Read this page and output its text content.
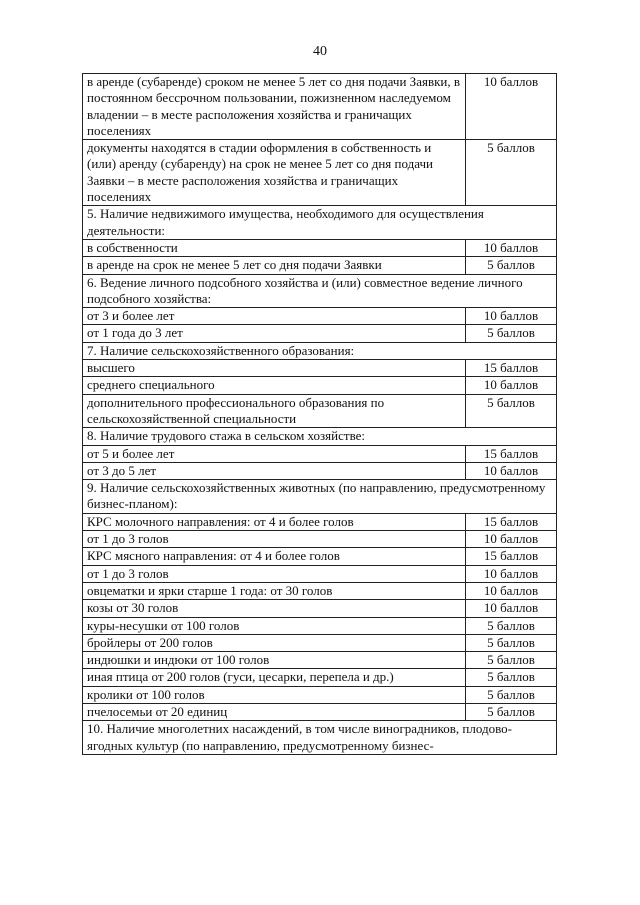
40
в аренде (субаренде) сроком не менее 5 лет со дня подачи Заявки, в постоянном бессрочном пользовании, пожизненном наследуемом владении – в месте расположения хозяйства и граничащих поселениях	10 баллов
документы находятся в стадии оформления в собственность и (или) аренду (субаренду) на срок не менее 5 лет со дня подачи Заявки – в месте расположения хозяйства и граничащих поселениях	5 баллов
5. Наличие недвижимого имущества, необходимого для осуществления деятельности:	
в собственности	10 баллов
в аренде на срок не менее 5 лет со дня подачи Заявки	5 баллов
6. Ведение личного подсобного хозяйства и (или) совместное ведение личного подсобного хозяйства:	
от 3 и более лет	10 баллов
от 1 года до 3 лет	5 баллов
7. Наличие сельскохозяйственного образования:	
высшего	15 баллов
среднего специального	10 баллов
дополнительного профессионального образования по сельскохозяйственной специальности	5 баллов
8. Наличие трудового стажа в сельском хозяйстве:	
от 5 и более лет	15 баллов
от 3 до 5 лет	10 баллов
9. Наличие сельскохозяйственных животных (по направлению, предусмотренному бизнес-планом):	
КРС молочного направления: от 4 и более голов	15 баллов
от 1 до 3 голов	10 баллов
КРС мясного направления: от 4 и более голов	15 баллов
от 1 до 3 голов	10 баллов
овцематки и ярки старше 1 года: от 30 голов	10 баллов
козы от 30 голов	10 баллов
куры-несушки от 100 голов	5 баллов
бройлеры от 200 голов	5 баллов
индюшки и индюки от 100 голов	5 баллов
иная птица от 200 голов (гуси, цесарки, перепела и др.)	5 баллов
кролики от 100 голов	5 баллов
пчелосемьи от 20 единиц	5 баллов
10. Наличие многолетних насаждений, в том числе виноградников, плодово-ягодных культур (по направлению, предусмотренному бизнес-	
